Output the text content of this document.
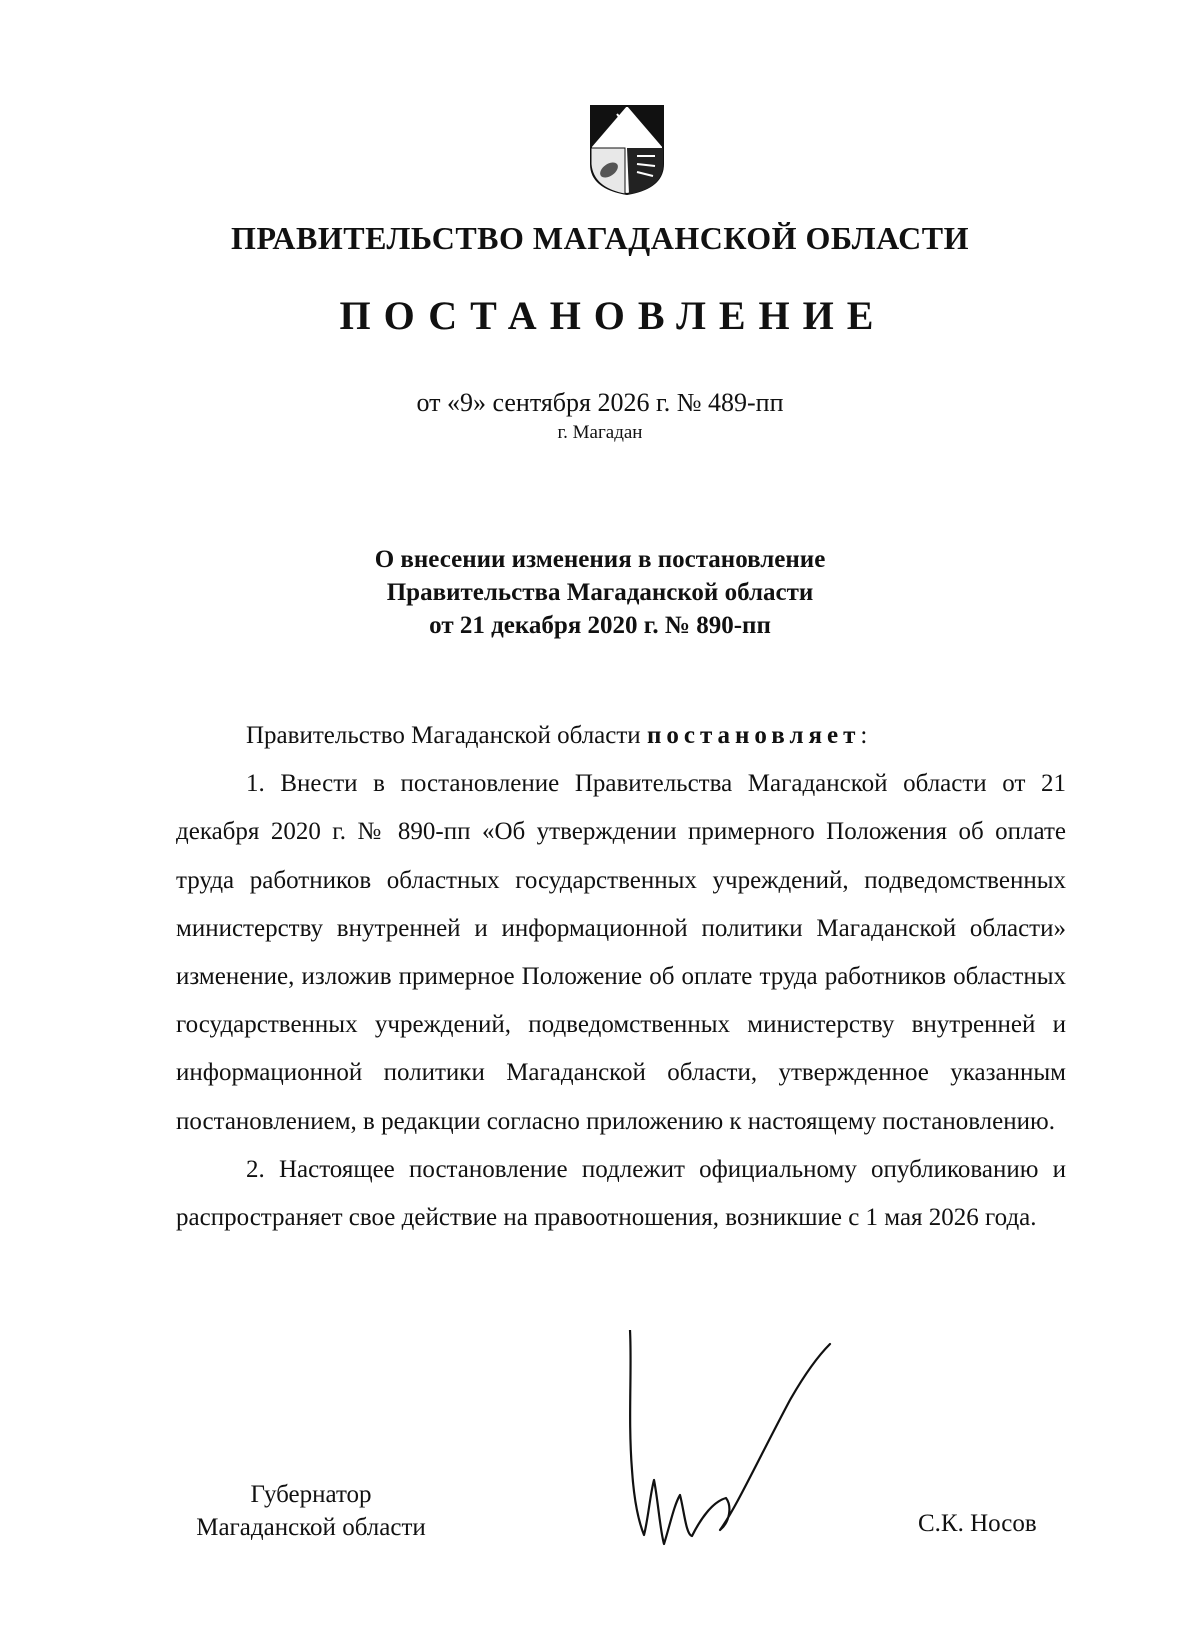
ПРАВИТЕЛЬСТВО МАГАДАНСКОЙ ОБЛАСТИ
ПОСТАНОВЛЕНИЕ
от «9» сентября 2026 г. № 489-пп
г. Магадан
О внесении изменения в постановление
Правительства Магаданской области
от 21 декабря 2020 г. № 890-пп

Правительство Магаданской области постановляет:

1. Внести в постановление Правительства Магаданской области от 21 декабря 2020 г. № 890-пп «Об утверждении примерного Положения об оплате труда работников областных государственных учреждений, подведомственных министерству внутренней и информационной политики Магаданской области» изменение, изложив примерное Положение об оплате труда работников областных государственных учреждений, подведомственных министерству внутренней и информационной политики Магаданской области, утвержденное указанным постановлением, в редакции согласно приложению к настоящему постановлению.

2. Настоящее постановление подлежит официальному опубликованию и распространяет свое действие на правоотношения, возникшие с 1 мая 2026 года.

Губернатор
Магаданской области	С.К. Носов
